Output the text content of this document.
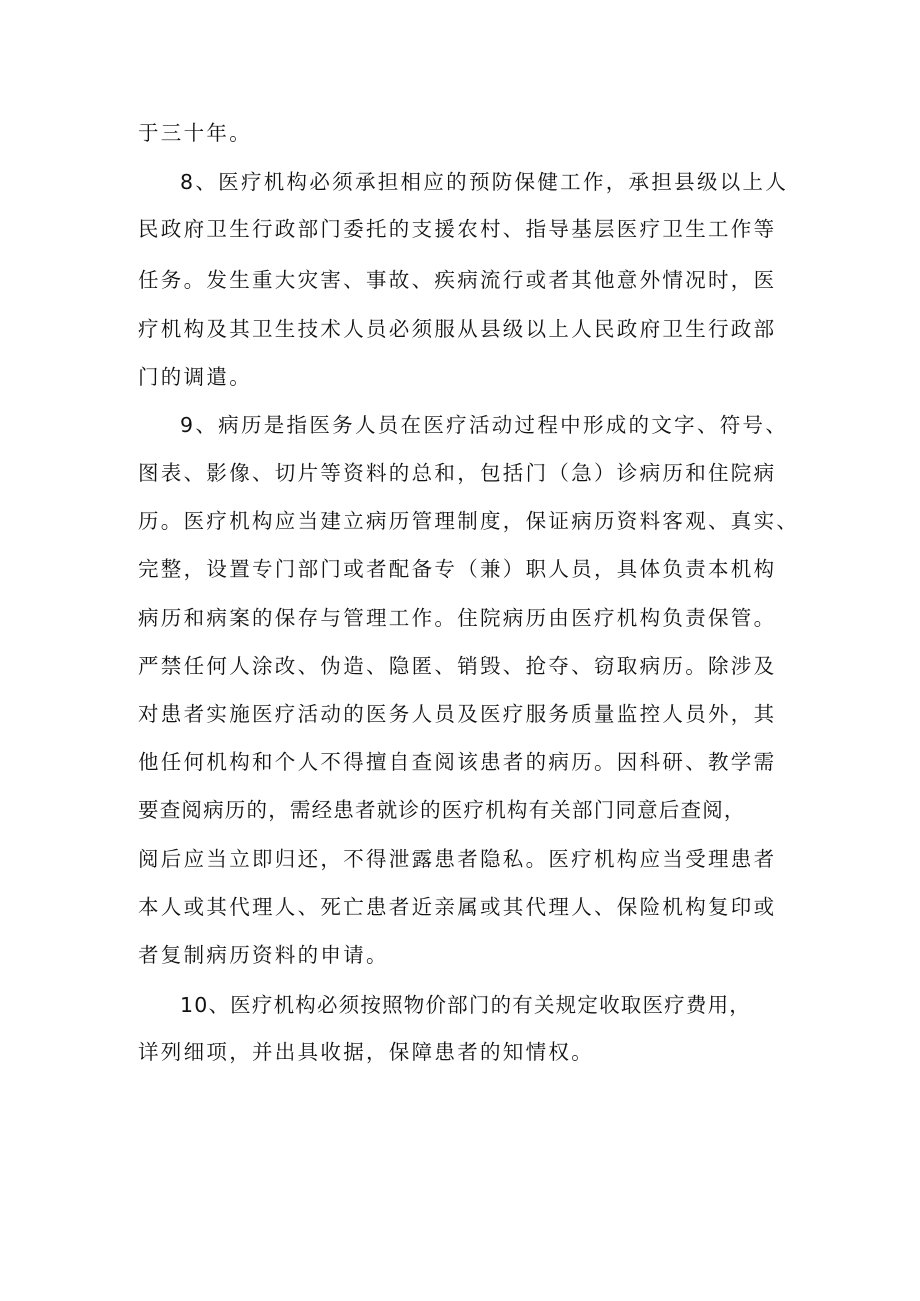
于三十年。
8、医疗机构必须承担相应的预防保健工作，承担县级以上人
民政府卫生行政部门委托的支援农村、指导基层医疗卫生工作等
任务。发生重大灾害、事故、疾病流行或者其他意外情况时，医
疗机构及其卫生技术人员必须服从县级以上人民政府卫生行政部
门的调遣。
9、病历是指医务人员在医疗活动过程中形成的文字、符号、
图表、影像、切片等资料的总和，包括门（急）诊病历和住院病
历。医疗机构应当建立病历管理制度，保证病历资料客观、真实、
完整，设置专门部门或者配备专（兼）职人员，具体负责本机构
病历和病案的保存与管理工作。住院病历由医疗机构负责保管。
严禁任何人涂改、伪造、隐匿、销毁、抢夺、窃取病历。除涉及
对患者实施医疗活动的医务人员及医疗服务质量监控人员外，其
他任何机构和个人不得擅自查阅该患者的病历。因科研、教学需
要查阅病历的，需经患者就诊的医疗机构有关部门同意后查阅，
阅后应当立即归还，不得泄露患者隐私。医疗机构应当受理患者
本人或其代理人、死亡患者近亲属或其代理人、保险机构复印或
者复制病历资料的申请。
10、医疗机构必须按照物价部门的有关规定收取医疗费用，
详列细项，并出具收据，保障患者的知情权。
